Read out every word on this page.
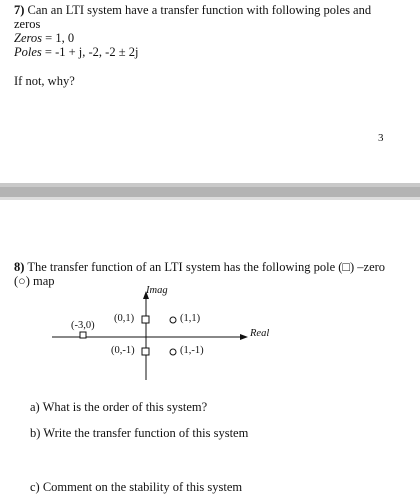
7) Can an LTI system have a transfer function with following poles and
zeros
Zeros = 1, 0
Poles = -1 + j, -2, -2 ± 2j
If not, why?
3
8) The transfer function of an LTI system has the following pole (□) –zero
(○) map
Imag
Real
(-3,0)
(0,1)
(0,-1)
(1,1)
(1,-1)
a) What is the order of this system?
b) Write the transfer function of this system
c) Comment on the stability of this system
